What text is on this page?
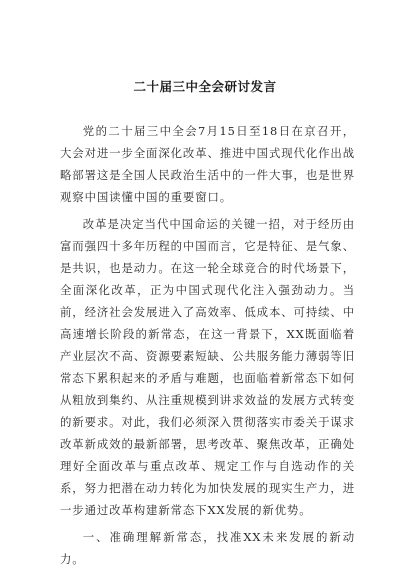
二十届三中全会研讨发言

党的二十届三中全会7月15日至18日在京召开，大会对进一步全面深化改革、推进中国式现代化作出战略部署这是全国人民政治生活中的一件大事，也是世界观察中国读懂中国的重要窗口。

改革是决定当代中国命运的关键一招，对于经历由富而强四十多年历程的中国而言，它是特征、是气象、是共识，也是动力。在这一轮全球竞合的时代场景下，全面深化改革，正为中国式现代化注入强劲动力。当前，经济社会发展进入了高效率、低成本、可持续、中高速增长阶段的新常态，在这一背景下，XX既面临着产业层次不高、资源要素短缺、公共服务能力薄弱等旧常态下累积起来的矛盾与难题，也面临着新常态下如何从粗放到集约、从注重规模到讲求效益的发展方式转变的新要求。对此，我们必须深入贯彻落实市委关于谋求改革新成效的最新部署，思考改革、聚焦改革，正确处理好全面改革与重点改革、规定工作与自选动作的关系，努力把潜在动力转化为加快发展的现实生产力，进一步通过改革构建新常态下XX发展的新优势。

一、准确理解新常态，找准XX未来发展的新动力。
